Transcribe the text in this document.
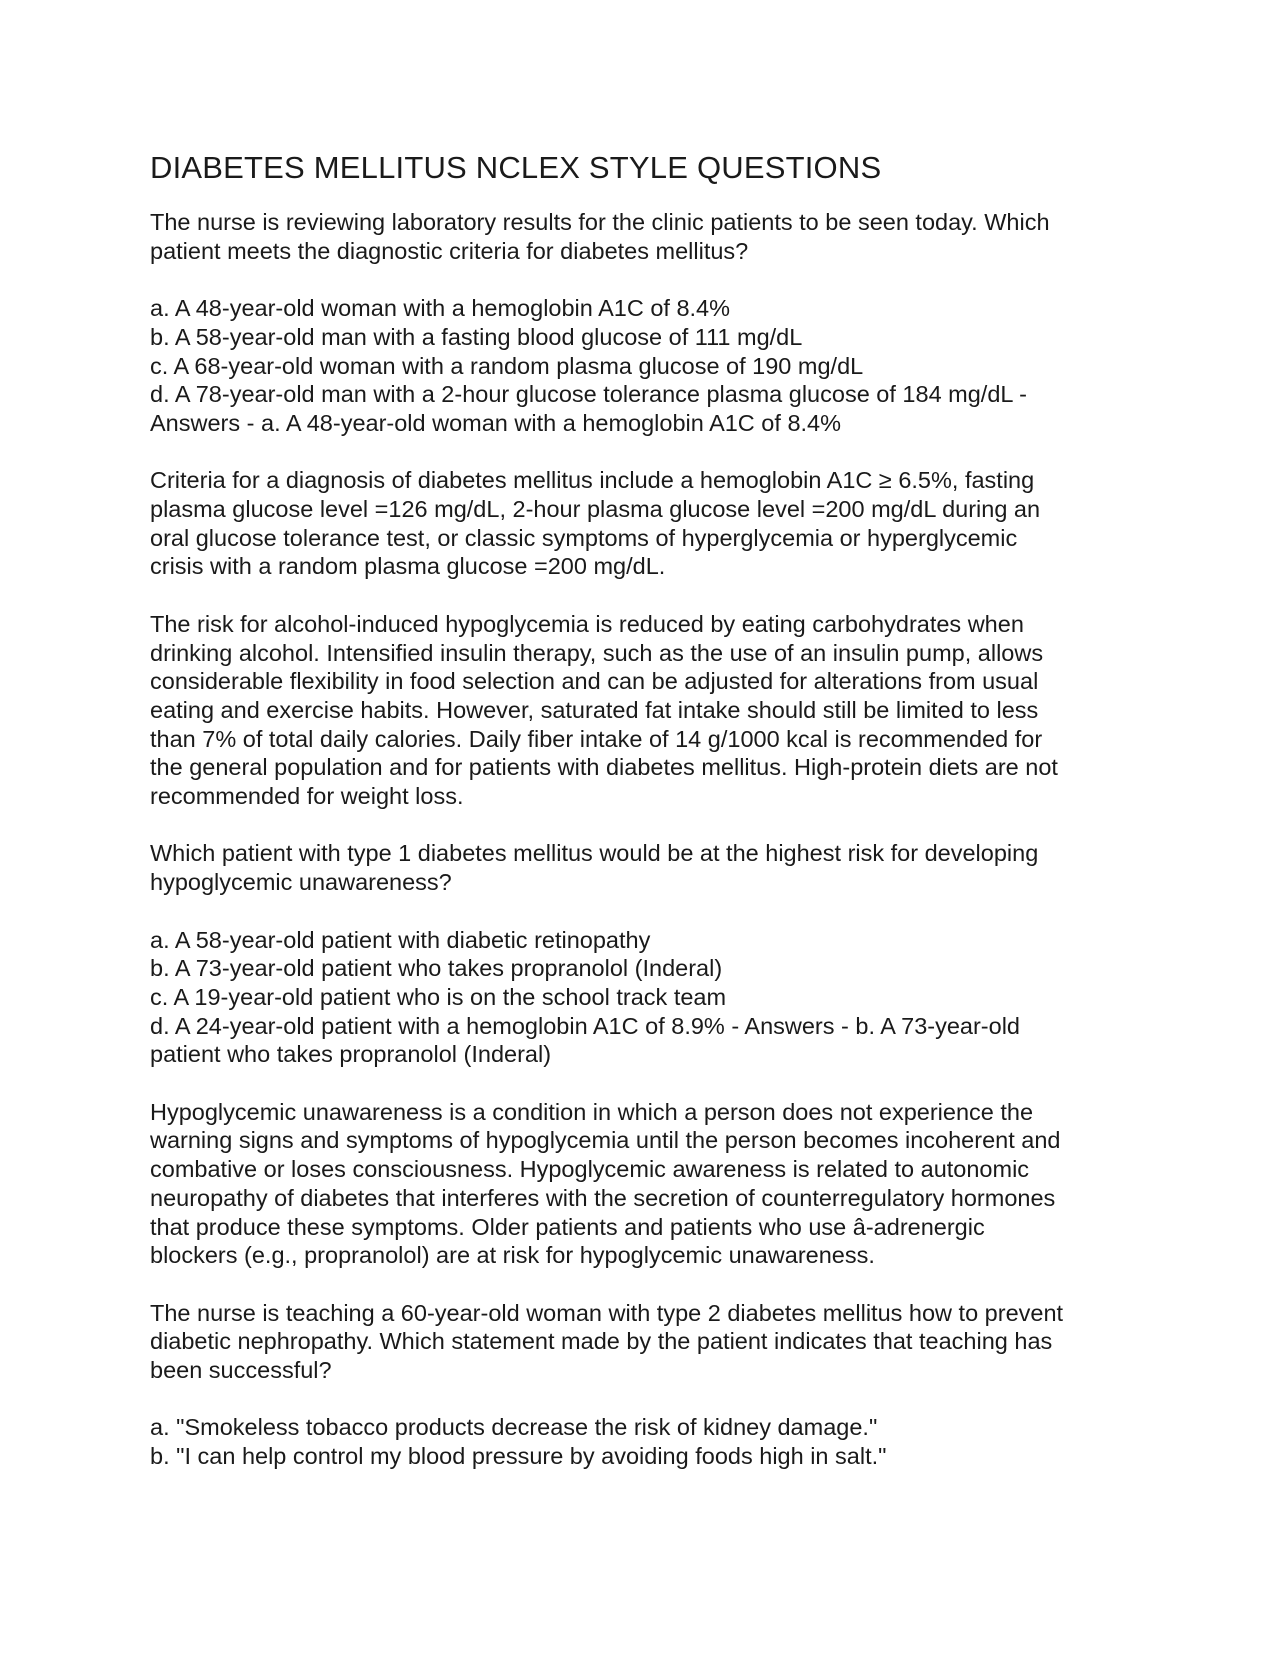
DIABETES MELLITUS NCLEX STYLE QUESTIONS
The nurse is reviewing laboratory results for the clinic patients to be seen today. Which
patient meets the diagnostic criteria for diabetes mellitus?
a. A 48-year-old woman with a hemoglobin A1C of 8.4%
b. A 58-year-old man with a fasting blood glucose of 111 mg/dL
c. A 68-year-old woman with a random plasma glucose of 190 mg/dL
d. A 78-year-old man with a 2-hour glucose tolerance plasma glucose of 184 mg/dL -
Answers - a. A 48-year-old woman with a hemoglobin A1C of 8.4%
Criteria for a diagnosis of diabetes mellitus include a hemoglobin A1C ≥ 6.5%, fasting
plasma glucose level =126 mg/dL, 2-hour plasma glucose level =200 mg/dL during an
oral glucose tolerance test, or classic symptoms of hyperglycemia or hyperglycemic
crisis with a random plasma glucose =200 mg/dL.
The risk for alcohol-induced hypoglycemia is reduced by eating carbohydrates when
drinking alcohol. Intensified insulin therapy, such as the use of an insulin pump, allows
considerable flexibility in food selection and can be adjusted for alterations from usual
eating and exercise habits. However, saturated fat intake should still be limited to less
than 7% of total daily calories. Daily fiber intake of 14 g/1000 kcal is recommended for
the general population and for patients with diabetes mellitus. High-protein diets are not
recommended for weight loss.
Which patient with type 1 diabetes mellitus would be at the highest risk for developing
hypoglycemic unawareness?
a. A 58-year-old patient with diabetic retinopathy
b. A 73-year-old patient who takes propranolol (Inderal)
c. A 19-year-old patient who is on the school track team
d. A 24-year-old patient with a hemoglobin A1C of 8.9% - Answers - b. A 73-year-old
patient who takes propranolol (Inderal)
Hypoglycemic unawareness is a condition in which a person does not experience the
warning signs and symptoms of hypoglycemia until the person becomes incoherent and
combative or loses consciousness. Hypoglycemic awareness is related to autonomic
neuropathy of diabetes that interferes with the secretion of counterregulatory hormones
that produce these symptoms. Older patients and patients who use â-adrenergic
blockers (e.g., propranolol) are at risk for hypoglycemic unawareness.
The nurse is teaching a 60-year-old woman with type 2 diabetes mellitus how to prevent
diabetic nephropathy. Which statement made by the patient indicates that teaching has
been successful?
a. "Smokeless tobacco products decrease the risk of kidney damage."
b. "I can help control my blood pressure by avoiding foods high in salt."
